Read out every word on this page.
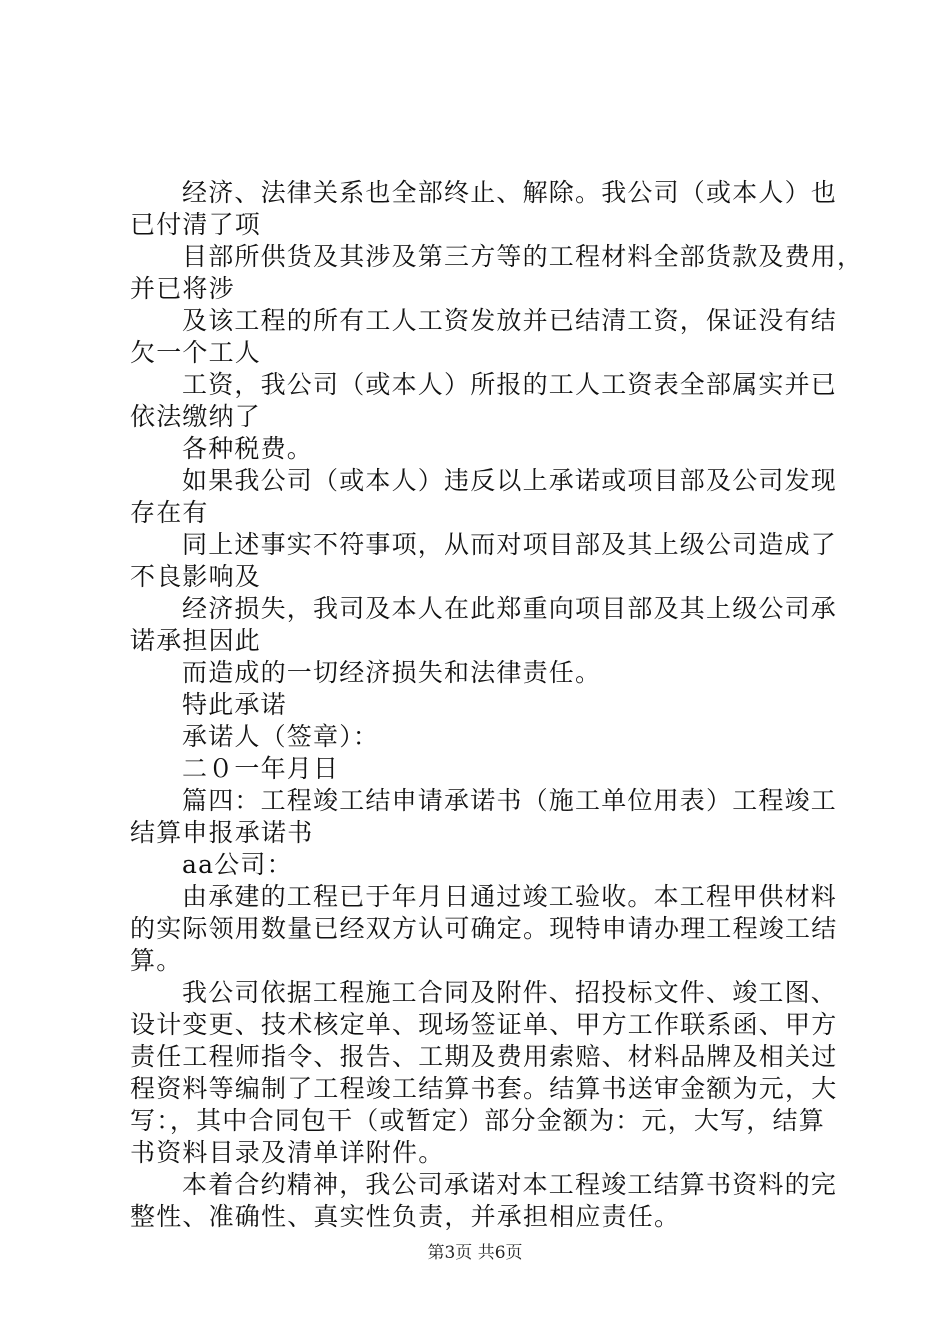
经济、法律关系也全部终止、解除。我公司（或本人）也
已付清了项
目部所供货及其涉及第三方等的工程材料全部货款及费用，
并已将涉
及该工程的所有工人工资发放并已结清工资，保证没有结
欠一个工人
工资，我公司（或本人）所报的工人工资表全部属实并已
依法缴纳了
各种税费。
如果我公司（或本人）违反以上承诺或项目部及公司发现
存在有
同上述事实不符事项，从而对项目部及其上级公司造成了
不良影响及
经济损失，我司及本人在此郑重向项目部及其上级公司承
诺承担因此
而造成的一切经济损失和法律责任。
特此承诺
承诺人（签章）：
二０一年月日
篇四：工程竣工结申请承诺书（施工单位用表）工程竣工
结算申报承诺书
aa公司：
由承建的工程已于年月日通过竣工验收。本工程甲供材料
的实际领用数量已经双方认可确定。现特申请办理工程竣工结
算。
我公司依据工程施工合同及附件、招投标文件、竣工图、
设计变更、技术核定单、现场签证单、甲方工作联系函、甲方
责任工程师指令、报告、工期及费用索赔、材料品牌及相关过
程资料等编制了工程竣工结算书套。结算书送审金额为元，大
写：，其中合同包干（或暂定）部分金额为：元，大写，结算
书资料目录及清单详附件。
本着合约精神，我公司承诺对本工程竣工结算书资料的完
整性、准确性、真实性负责，并承担相应责任。
第3页 共6页
